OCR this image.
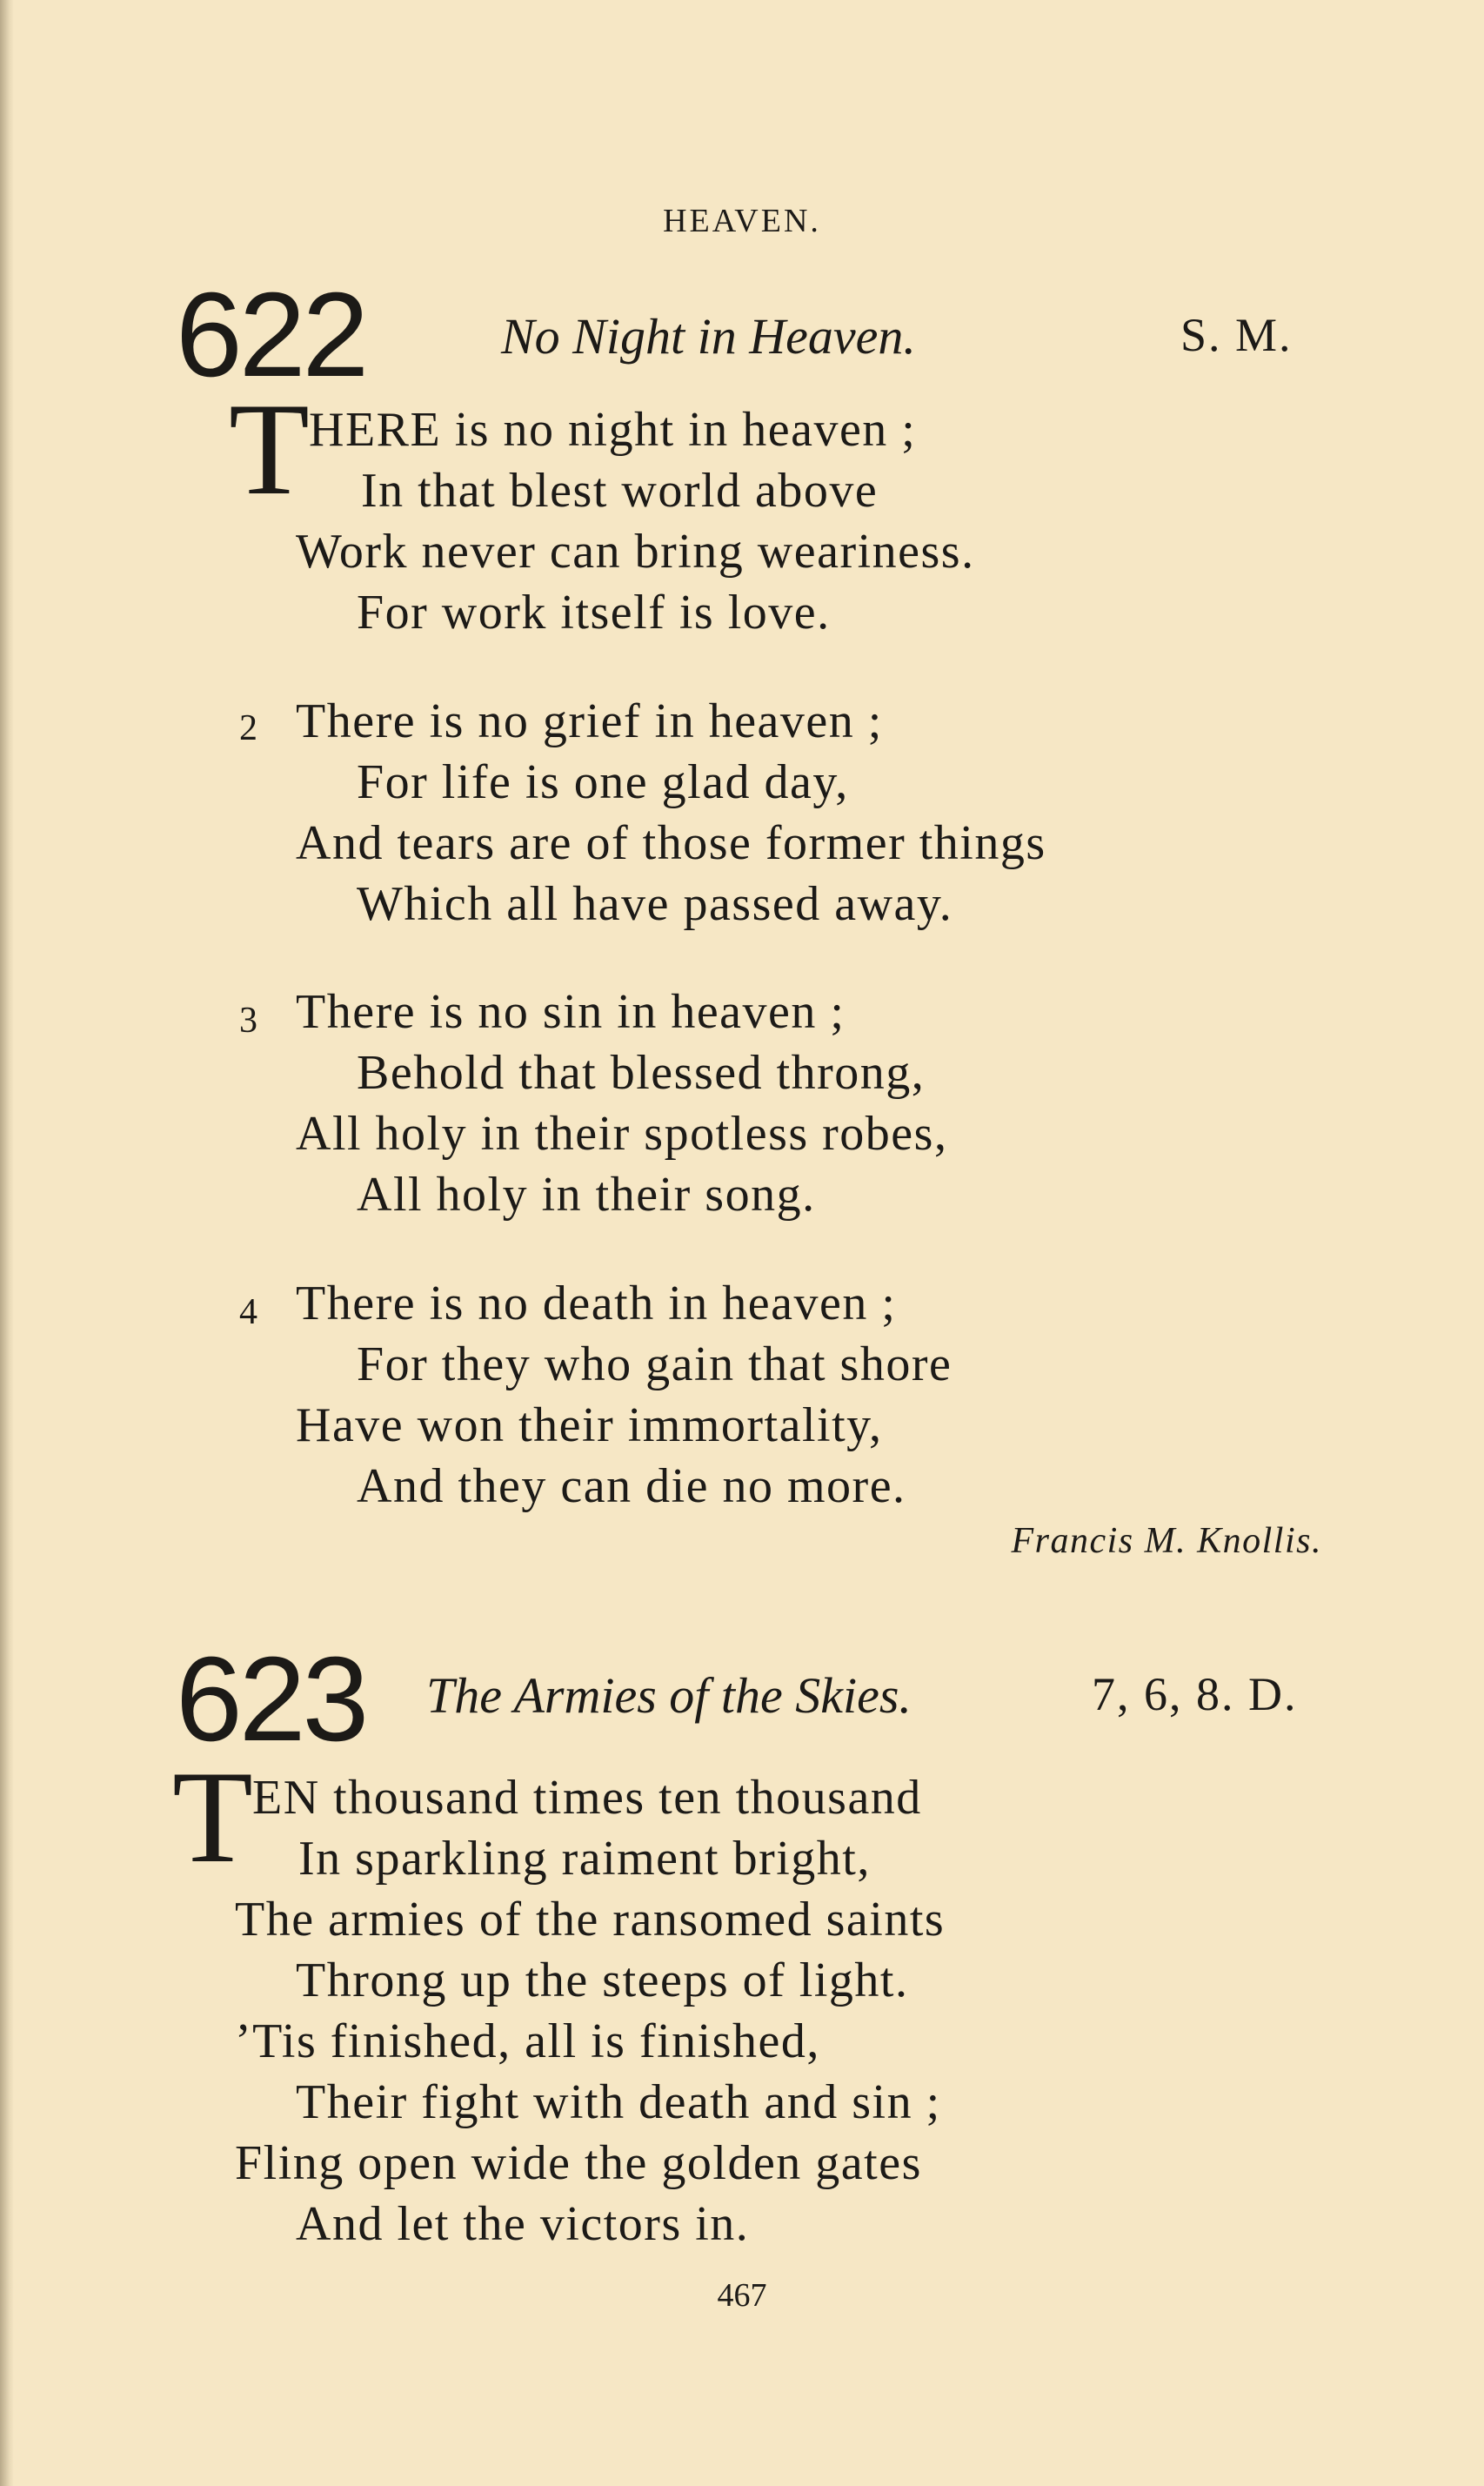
HEAVEN.
622	No Night in Heaven.	S. M.
T HERE is no night in heaven ;
In that blest world above
Work never can bring weariness.
For work itself is love.
2 There is no grief in heaven ;
For life is one glad day,
And tears are of those former things
Which all have passed away.
3 There is no sin in heaven ;
Behold that blessed throng,
All holy in their spotless robes,
All holy in their song.
4 There is no death in heaven ;
For they who gain that shore
Have won their immortality,
And they can die no more.
Francis M. Knollis.
623 The Armies of the Skies.	7, 6, 8. D.
T EN thousand times ten thousand
In sparkling raiment bright,
The armies of the ransomed saints
Throng up the steeps of light.
’Tis finished, all is finished,
Their fight with death and sin ;
Fling open wide the golden gates
And let the victors in.
467
